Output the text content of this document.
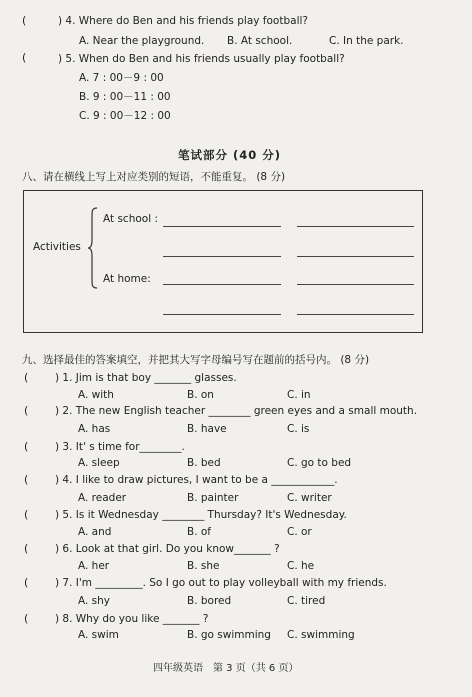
(	) 4. Where do Ben and his friends play football?
A. Near the playground. B. At school.	C. In the park.
(	) 5. When do Ben and his friends usually play football?
A. 7 : 00－9 : 00
B. 9 : 00－11 : 00
C. 9 : 00－12 : 00
笔试部分 (40 分)
八、请在横线上写上对应类别的短语，不能重复。 (8 分)
Activities
At school :
At home:
九、选择最佳的答案填空，并把其大写字母编号写在题前的括号内。 (8 分)
(	) 1. Jim is that boy _______ glasses.
A. with	B. on	C. in
(	) 2. The new English teacher ________ green eyes and a small mouth.
A. has	B. have	C. is
(	) 3. It' s time for________.
A. sleep	B. bed	C. go to bed
(	) 4. I like to draw pictures, I want to be a ____________.
A. reader	B. painter	C. writer
(	) 5. Is it Wednesday ________ Thursday? It's Wednesday.
A. and	B. of	C. or
(	) 6. Look at that girl. Do you know_______ ?
A. her	B. she	C. he
(	) 7. I'm _________. So I go out to play volleyball with my friends.
A. shy	B. bored	C. tired
(	) 8. Why do you like _______ ?
A. swim	B. go swimming C. swimming
四年级英语　第 3 页（共 6 页）
